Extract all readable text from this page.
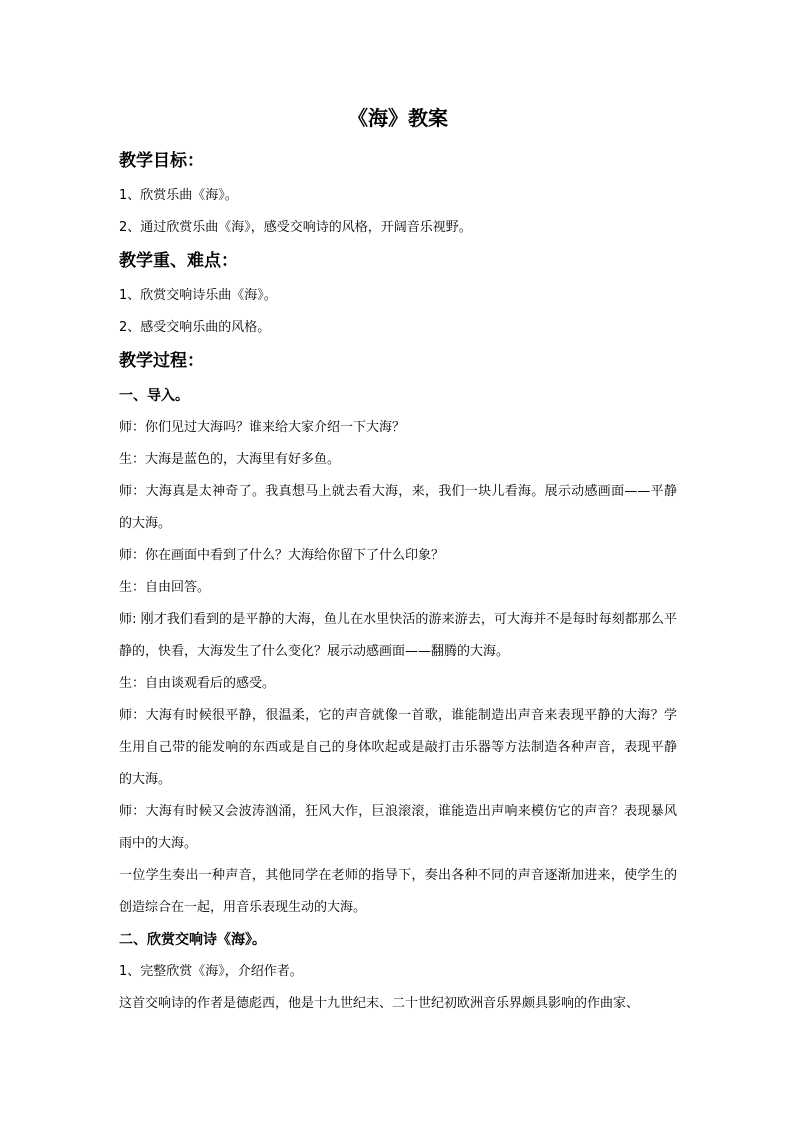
《海》教案
教学目标：
1、欣赏乐曲《海》。
2、通过欣赏乐曲《海》，感受交响诗的风格，开阔音乐视野。
教学重、难点：
1、欣赏交响诗乐曲《海》。
2、感受交响乐曲的风格。
教学过程：
一、导入。
师：你们见过大海吗？谁来给大家介绍一下大海？
生：大海是蓝色的，大海里有好多鱼。
师：大海真是太神奇了。我真想马上就去看大海，来，我们一块儿看海。展示动感画面——平静的大海。
师：你在画面中看到了什么？大海给你留下了什么印象？
生：自由回答。
师: 刚才我们看到的是平静的大海，鱼儿在水里快活的游来游去，可大海并不是每时每刻都那么平静的，快看，大海发生了什么变化？展示动感画面——翻腾的大海。
生：自由谈观看后的感受。
师：大海有时候很平静，很温柔，它的声音就像一首歌，谁能制造出声音来表现平静的大海？学生用自己带的能发响的东西或是自己的身体吹起或是敲打击乐器等方法制造各种声音，表现平静的大海。
师：大海有时候又会波涛汹涌，狂风大作，巨浪滚滚，谁能造出声响来模仿它的声音？表现暴风雨中的大海。
一位学生奏出一种声音，其他同学在老师的指导下，奏出各种不同的声音逐渐加进来，使学生的创造综合在一起，用音乐表现生动的大海。
二、欣赏交响诗《海》。
1、完整欣赏《海》，介绍作者。
这首交响诗的作者是德彪西，他是十九世纪末、二十世纪初欧洲音乐界颇具影响的作曲家、
